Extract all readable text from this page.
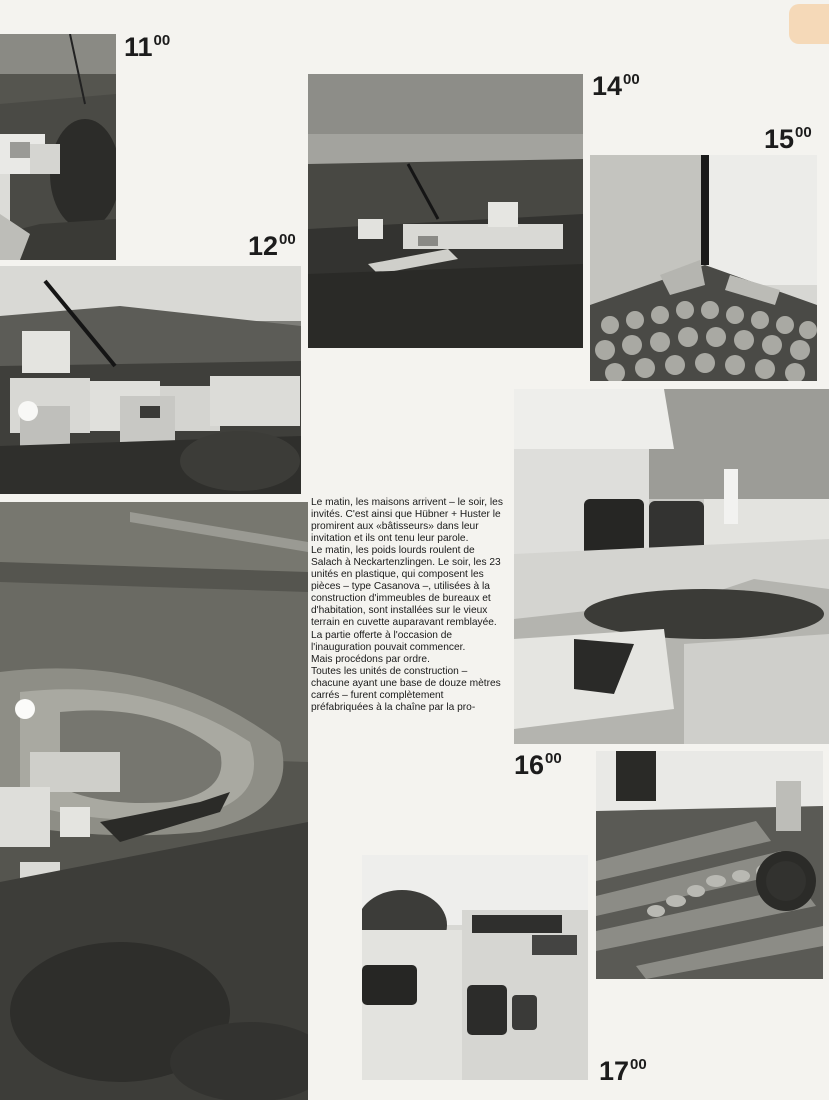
$11^{00}$
$12^{00}$
$14^{00}$
$15^{00}$
$16^{00}$
$17^{00}$

Le matin, les maisons arrivent – le soir, les invités. C'est ainsi que Hübner + Huster le promirent aux «bâtisseurs» dans leur invitation et ils ont tenu leur parole.

Le matin, les poids lourds roulent de Salach à Neckartenzlingen. Le soir, les 23 unités en plastique, qui composent les pièces – type Casanova –, utilisées à la construction d'immeubles de bureaux et d'habitation, sont installées sur le vieux terrain en cuvette auparavant remblayée. La partie offerte à l'occasion de l'inauguration pouvait commencer.

Mais procédons par ordre.

Toutes les unités de construction – chacune ayant une base de douze mètres carrés – furent complètement préfabriquées à la chaîne par la pro-
